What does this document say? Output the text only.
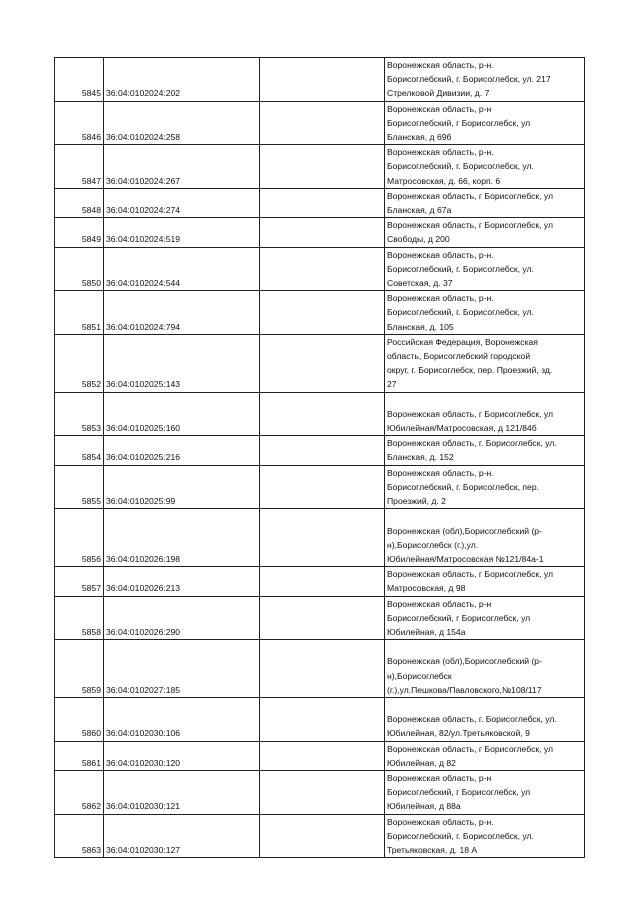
5845	36:04:0102024:202		Воронежская область, р-н.
Борисоглебский, г. Борисоглебск, ул. 217
Стрелковой Дивизии, д. 7
5846	36:04:0102024:258		Воронежская область, р-н
Борисоглебский, г Борисоглебск, ул
Бланская, д 69б
5847	36:04:0102024:267		Воронежская область, р-н.
Борисоглебский, г. Борисоглебск, ул.
Матросовская, д. 66, корп. 6
5848	36:04:0102024:274		Воронежская область, г Борисоглебск, ул
Бланская, д 67а
5849	36:04:0102024:519		Воронежская область, г Борисоглебск, ул
Свободы, д 200
5850	36:04:0102024:544		Воронежская область, р-н.
Борисоглебский, г. Борисоглебск, ул.
Советская, д. 37
5851	36:04:0102024:794		Воронежская область, р-н.
Борисоглебский, г. Борисоглебск, ул.
Бланская, д. 105
5852	36:04:0102025:143		Российская Федерация, Воронежская
область, Борисоглебский городской
округ, г. Борисоглебск, пер. Проезжий, зд.
27
5853	36:04:0102025:160		
Воронежская область, г Борисоглебск, ул
Юбилейная/Матросовская, д 121/84б
5854	36:04:0102025:216		Воронежская область, г. Борисоглебск, ул.
Бланская, д. 152
5855	36:04:0102025:99		Воронежская область, р-н.
Борисоглебский, г. Борисоглебск, пер.
Проезжий, д. 2
5856	36:04:0102026:198		
Воронежская (обл),Борисоглебский (р-
н),Борисоглебск (г.),ул.
Юбилейная/Матросовская №121/84а-1
5857	36:04:0102026:213		Воронежская область, г Борисоглебск, ул
Матросовская, д 98
5858	36:04:0102026:290		Воронежская область, р-н
Борисоглебский, г Борисоглебск, ул
Юбилейная, д 154а
5859	36:04:0102027:185		
Воронежская (обл),Борисоглебский (р-
н),Борисоглебск
(г.),ул.Пешкова/Павловского,№108/117
5860	36:04:0102030:106		
Воронежская область, г. Борисоглебск, ул.
Юбилейная, 82/ул.Третьяковской, 9
5861	36:04:0102030:120		Воронежская область, г Борисоглебск, ул
Юбилейная, д 82
5862	36:04:0102030:121		Воронежская область, р-н
Борисоглебский, г Борисоглебск, ул
Юбилейная, д 88а
5863	36:04:0102030:127		Воронежская область, р-н.
Борисоглебский, г. Борисоглебск, ул.
Третьяковская, д. 18 А
